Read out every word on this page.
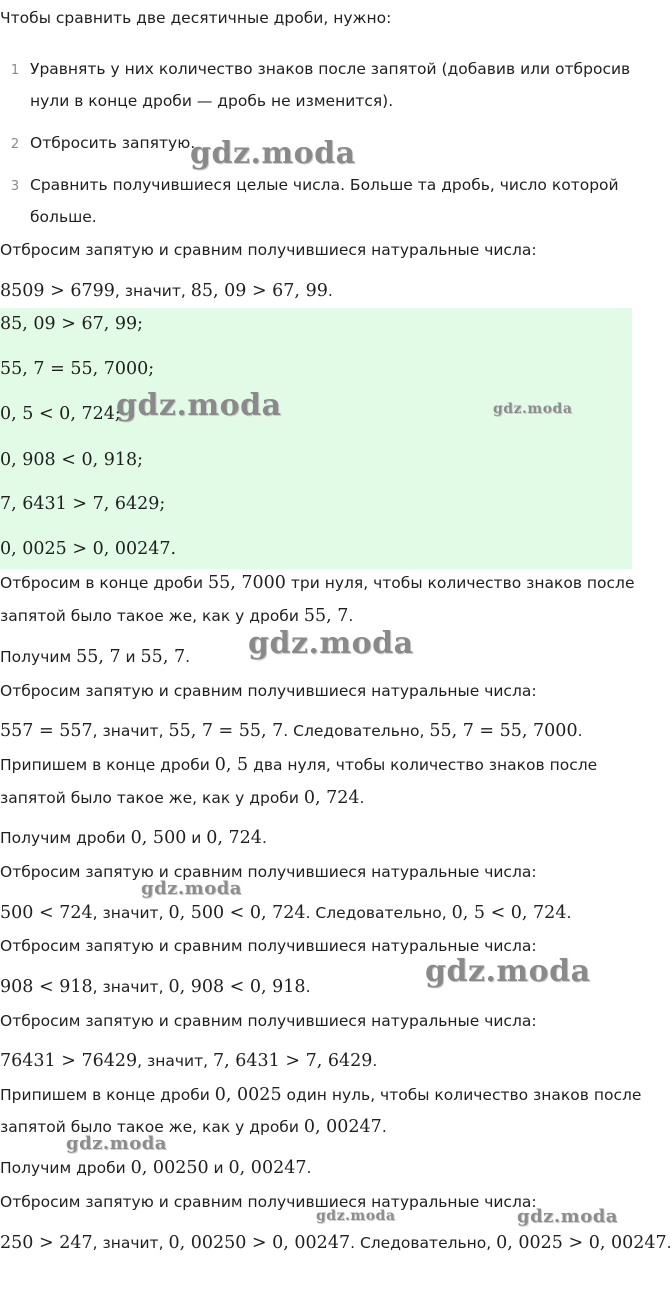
Чтобы сравнить две десятичные дроби, нужно:
1 Уравнять у них количество знаков после запятой (добавив или отбросив
нули в конце дроби — дробь не изменится).
2 Отбросить запятую.
3 Сравнить получившиеся целые числа. Больше та дробь, число которой
больше.
Отбросим запятую и сравним получившиеся натуральные числа:
8509 > 6799, значит, 85, 09 > 67, 99.
85, 09 > 67, 99;
55, 7 = 55, 7000;
0, 5 < 0, 724;
0, 908 < 0, 918;
7, 6431 > 7, 6429;
0, 0025 > 0, 00247.
Отбросим в конце дроби 55, 7000 три нуля, чтобы количество знаков после
запятой было такое же, как у дроби 55, 7.
Получим 55, 7 и 55, 7.
Отбросим запятую и сравним получившиеся натуральные числа:
557 = 557, значит, 55, 7 = 55, 7. Следовательно, 55, 7 = 55, 7000.
Припишем в конце дроби 0, 5 два нуля, чтобы количество знаков после
запятой было такое же, как у дроби 0, 724.
Получим дроби 0, 500 и 0, 724.
Отбросим запятую и сравним получившиеся натуральные числа:
500 < 724, значит, 0, 500 < 0, 724. Следовательно, 0, 5 < 0, 724.
Отбросим запятую и сравним получившиеся натуральные числа:
908 < 918, значит, 0, 908 < 0, 918.
Отбросим запятую и сравним получившиеся натуральные числа:
76431 > 76429, значит, 7, 6431 > 7, 6429.
Припишем в конце дроби 0, 0025 один нуль, чтобы количество знаков после
запятой было такое же, как у дроби 0, 00247.
Получим дроби 0, 00250 и 0, 00247.
Отбросим запятую и сравним получившиеся натуральные числа:
250 > 247, значит, 0, 00250 > 0, 00247. Следовательно, 0, 0025 > 0, 00247.
gdz.moda
gdz.moda	gdz.moda
gdz.moda
gdz.moda
gdz.moda
gdz.moda
gdz.moda	gdz.moda
